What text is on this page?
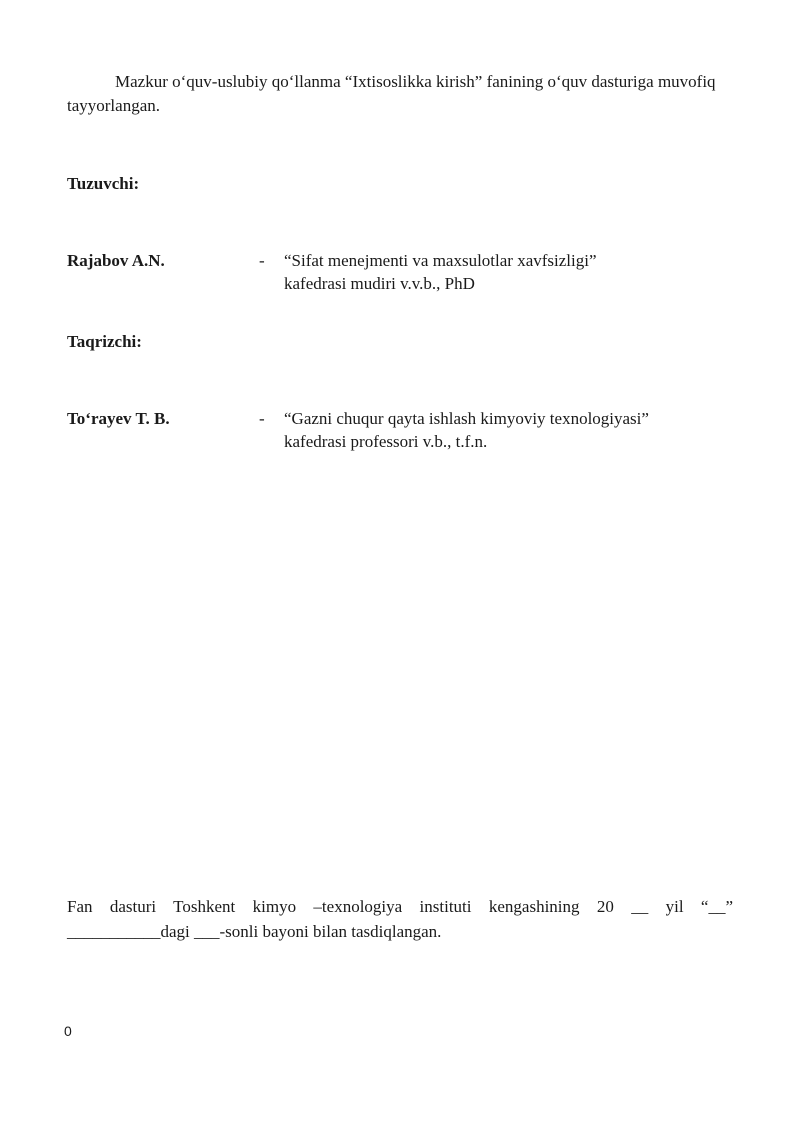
Mazkur o‘quv-uslubiy qo‘llanma “Ixtisoslikka kirish” fanining o‘quv dasturiga muvofiq tayyorlangan.

Tuzuvchi:

Rajabov A.N.	- “Sifat menejmenti va maxsulotlar xavfsizligi”
kafedrasi mudiri v.v.b., PhD

Taqrizchi:

To‘rayev T. B.	- “Gazni chuqur qayta ishlash kimyoviy texnologiyasi”
kafedrasi professori v.b., t.f.n.

Fan dasturi Toshkent kimyo –texnologiya instituti kengashining 20 __ yil “__”
___________dagi ___-sonli bayoni bilan tasdiqlangan.

0
